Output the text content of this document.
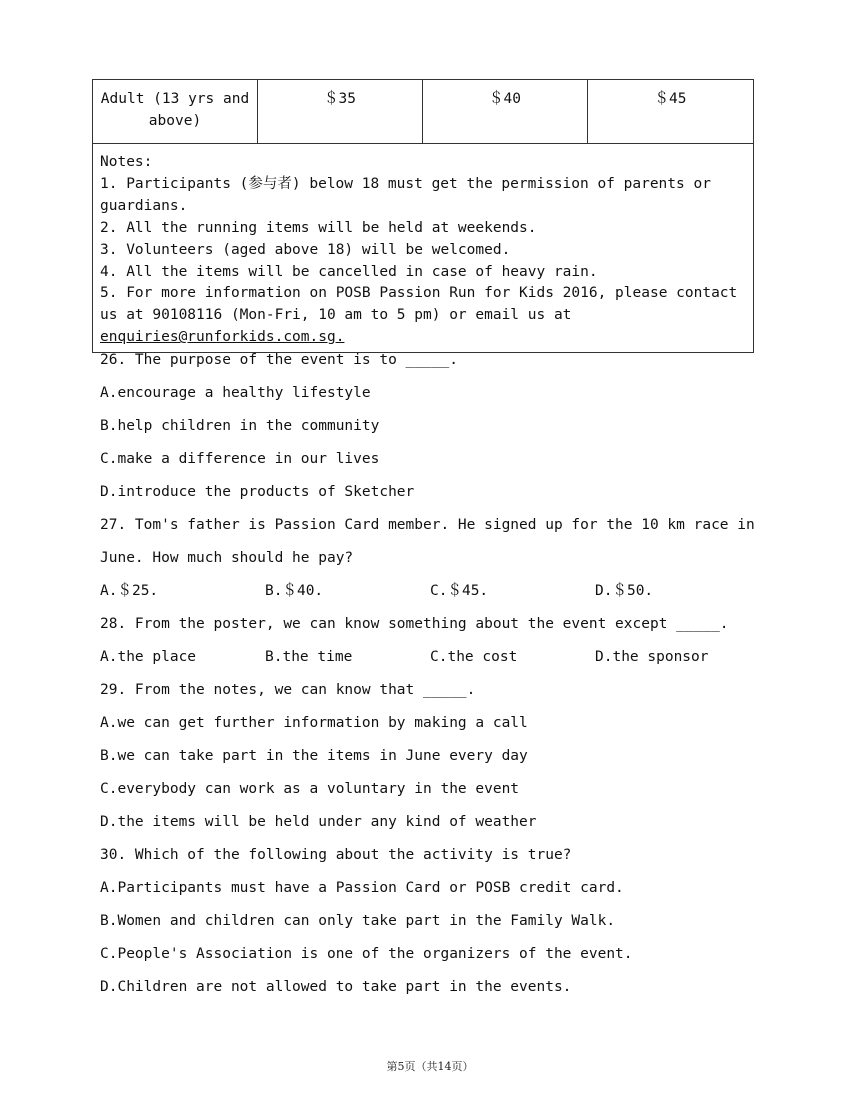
Adult (13 yrs and above)	＄35	＄40	＄45

Notes:
1. Participants (参与者) below 18 must get the permission of parents or guardians.
2. All the running items will be held at weekends.
3. Volunteers (aged above 18) will be welcomed.
4. All the items will be cancelled in case of heavy rain.
5. For more information on POSB Passion Run for Kids 2016, please contact us at 90108116 (Mon-Fri, 10 am to 5 pm) or email us at
enquiries@runforkids.com.sg.
26. The purpose of the event is to _____.
A.encourage a healthy lifestyle
B.help children in the community
C.make a difference in our lives
D.introduce the products of Sketcher
27. Tom's father is Passion Card member. He signed up for the 10 km race in
June. How much should he pay?
A.＄25.	B.＄40.	C.＄45.	D.＄50.
28. From the poster, we can know something about the event except _____.
A.the place	B.the time	C.the cost	D.the sponsor
29. From the notes, we can know that _____.
A.we can get further information by making a call
B.we can take part in the items in June every day
C.everybody can work as a voluntary in the event
D.the items will be held under any kind of weather
30. Which of the following about the activity is true?
A.Participants must have a Passion Card or POSB credit card.
B.Women and children can only take part in the Family Walk.
C.People's Association is one of the organizers of the event.
D.Children are not allowed to take part in the events.
第5页（共14页）
